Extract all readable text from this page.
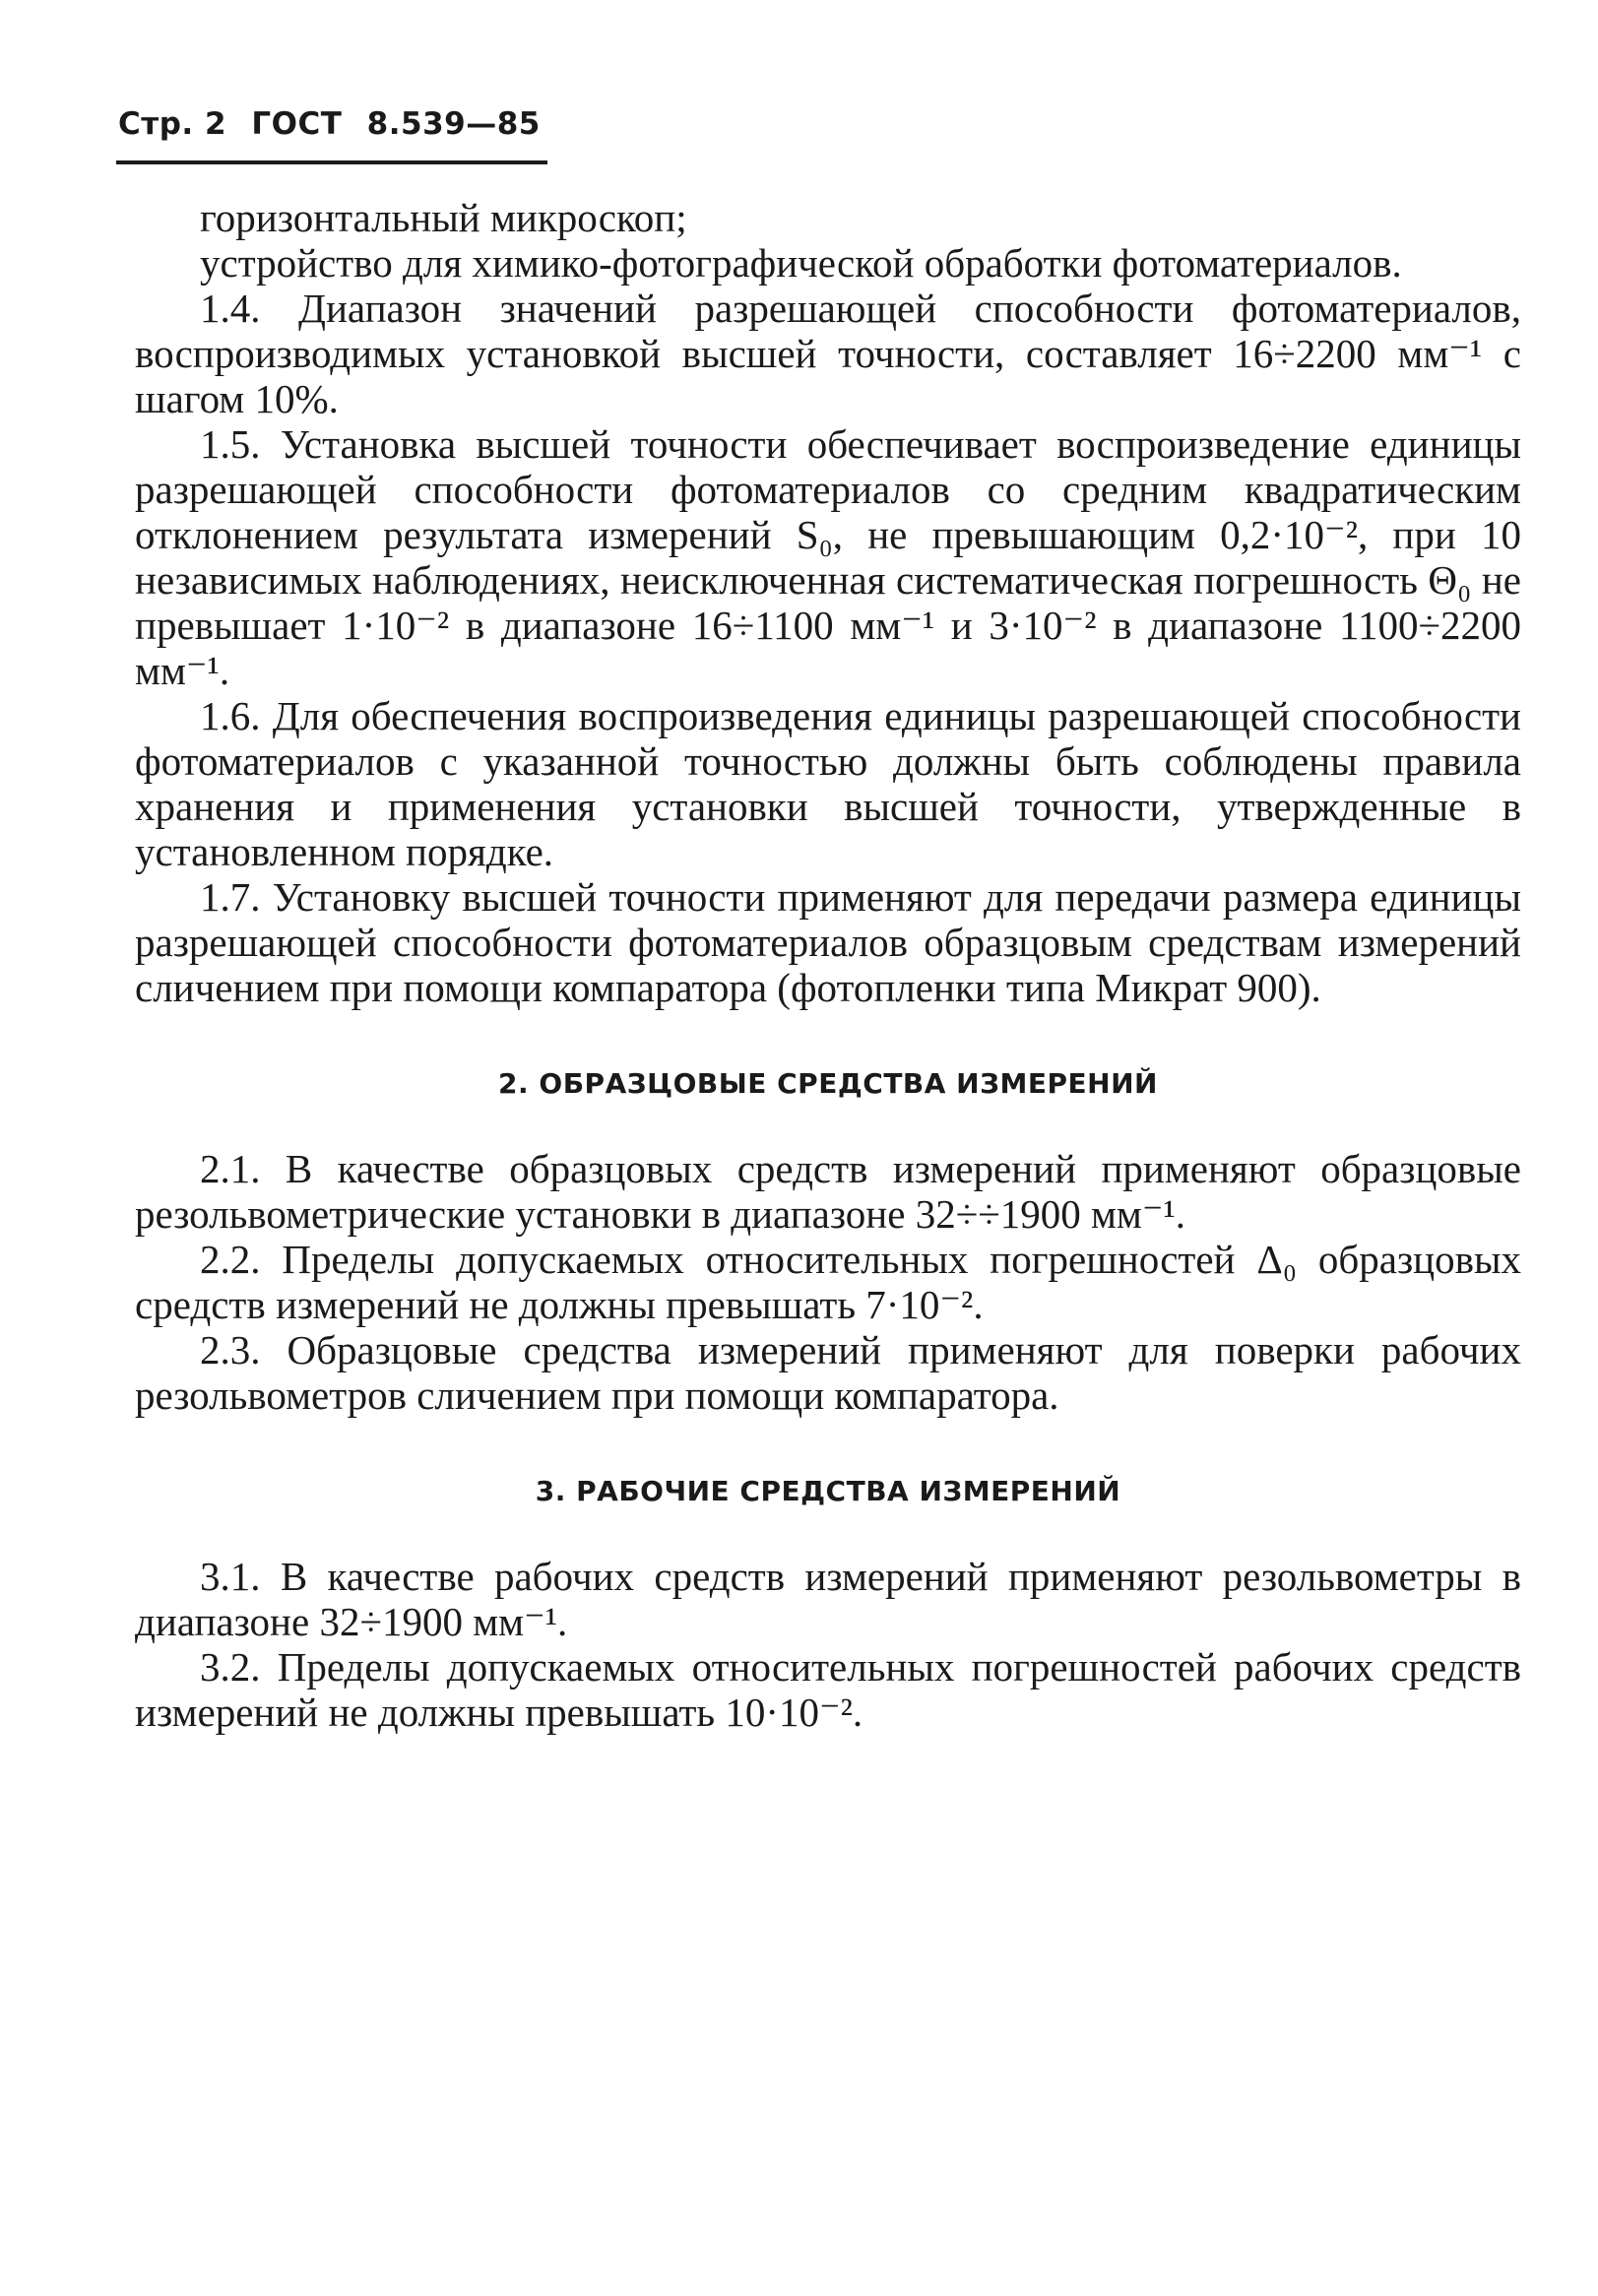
Стр. 2 ГОСТ 8.539—85

горизонтальный микроскоп;

устройство для химико-фотографической обработки фотоматериалов.

1.4. Диапазон значений разрешающей способности фотоматериалов, воспроизводимых установкой высшей точности, составляет 16÷2200 мм⁻¹ с шагом 10%.

1.5. Установка высшей точности обеспечивает воспроизведение единицы разрешающей способности фотоматериалов со средним квадратическим отклонением результата измерений S₀, не превышающим 0,2·10⁻², при 10 независимых наблюдениях, неисключенная систематическая погрешность Θ₀ не превышает 1·10⁻² в диапазоне 16÷1100 мм⁻¹ и 3·10⁻² в диапазоне 1100÷2200 мм⁻¹.

1.6. Для обеспечения воспроизведения единицы разрешающей способности фотоматериалов с указанной точностью должны быть соблюдены правила хранения и применения установки высшей точности, утвержденные в установленном порядке.

1.7. Установку высшей точности применяют для передачи размера единицы разрешающей способности фотоматериалов образцовым средствам измерений сличением при помощи компаратора (фотопленки типа Микрат 900).

2. ОБРАЗЦОВЫЕ СРЕДСТВА ИЗМЕРЕНИЙ

2.1. В качестве образцовых средств измерений применяют образцовые резольвометрические установки в диапазоне 32÷÷1900 мм⁻¹.

2.2. Пределы допускаемых относительных погрешностей Δ₀ образцовых средств измерений не должны превышать 7·10⁻².

2.3. Образцовые средства измерений применяют для поверки рабочих резольвометров сличением при помощи компаратора.

3. РАБОЧИЕ СРЕДСТВА ИЗМЕРЕНИЙ

3.1. В качестве рабочих средств измерений применяют резольвометры в диапазоне 32÷1900 мм⁻¹.

3.2. Пределы допускаемых относительных погрешностей рабочих средств измерений не должны превышать 10·10⁻².
